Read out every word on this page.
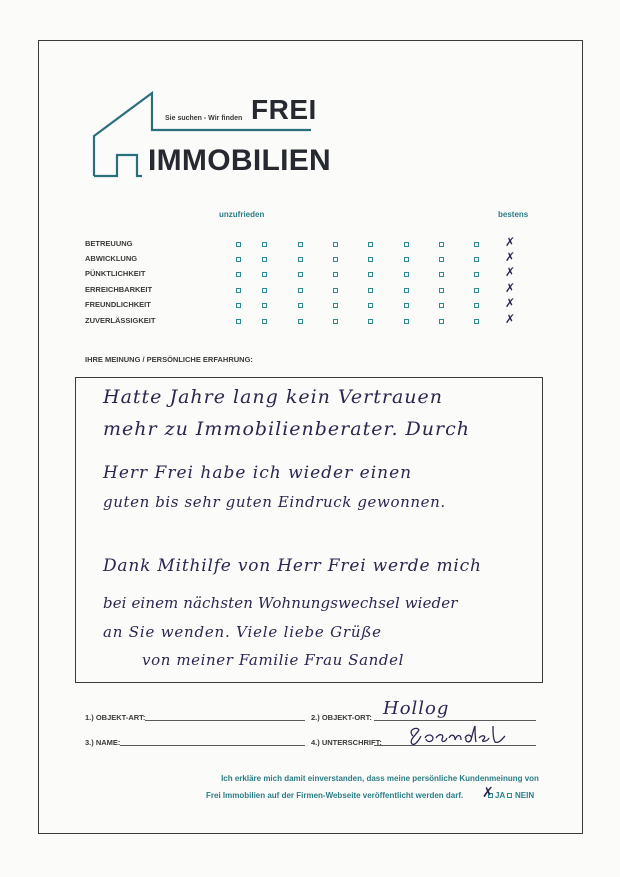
Sie suchen - Wir finden FREI
IMMOBILIEN
unzufrieden	bestens
BETREUUNG	✗
ABWICKLUNG	✗
PÜNKTLICHKEIT	✗
ERREICHBARKEIT	✗
FREUNDLICHKEIT	✗
ZUVERLÄSSIGKEIT	✗
IHRE MEINUNG / PERSÖNLICHE ERFAHRUNG:
Hatte Jahre lang kein Vertrauen
mehr zu Immobilienberater. Durch
Herr Frei habe ich wieder einen
guten bis sehr guten Eindruck gewonnen.
Dank Mithilfe von Herr Frei werde mich
bei einem nächsten Wohnungswechsel wieder
an Sie wenden. Viele liebe Grüße
von meiner Familie Frau Sandel
1.) OBJEKT-ART:	2.) OBJEKT-ORT: Hollog
3.) NAME:	4.) UNTERSCHRIFT:
Ich erkläre mich damit einverstanden, dass meine persönliche Kundenmeinung von
Frei Immobilien auf der Firmen-Webseite veröffentlicht werden darf. ✗ JA NEIN
